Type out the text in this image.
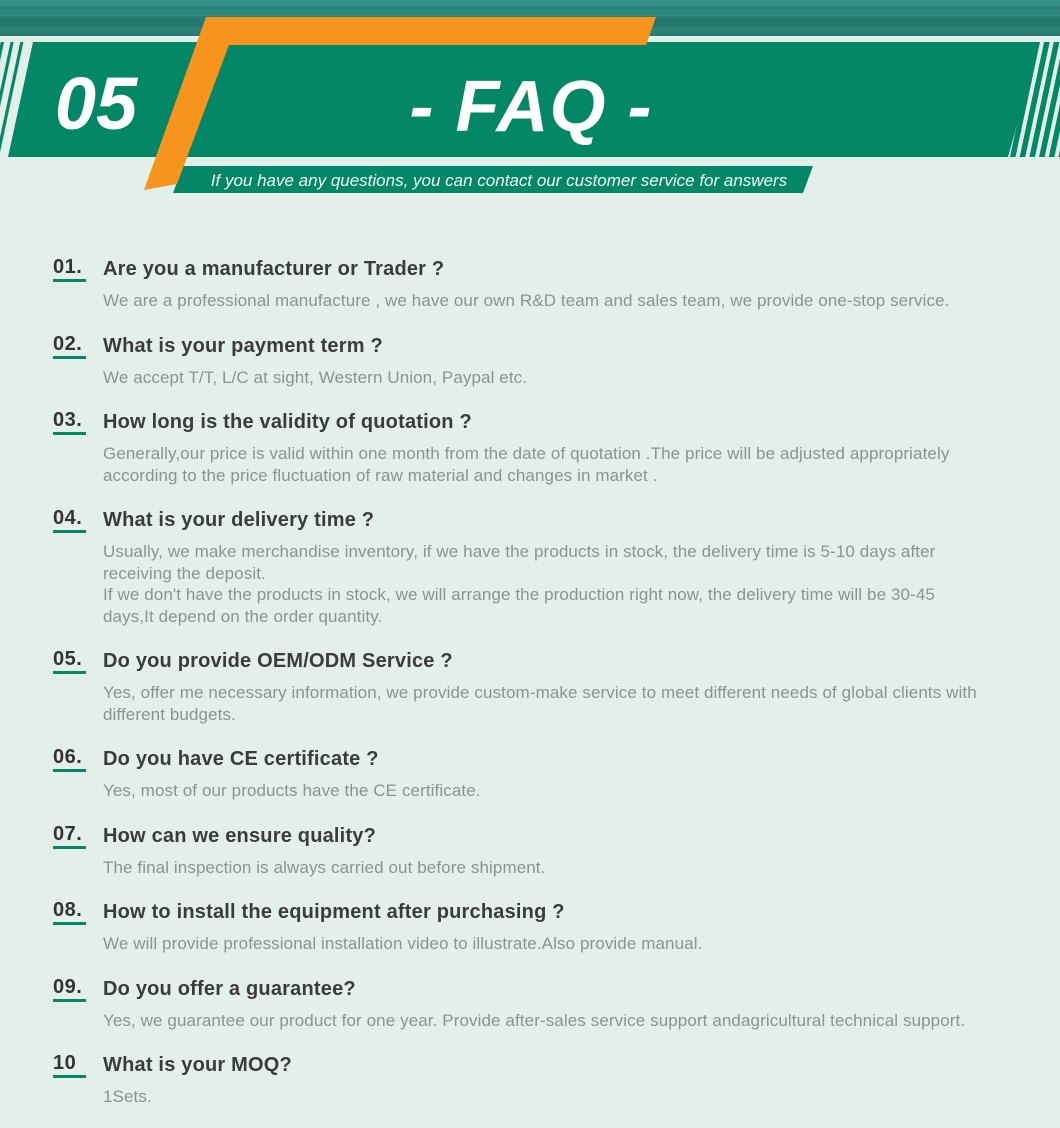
05	- FAQ -
If you have any questions, you can contact our customer service for answers
01. Are you a manufacturer or Trader ?
We are a professional manufacture , we have our own R&D team and sales team, we provide one-stop service.
02. What is your payment term ?
We accept T/T, L/C at sight, Western Union, Paypal etc.
03. How long is the validity of quotation ?
Generally,our price is valid within one month from the date of quotation .The price will be adjusted appropriately
according to the price fluctuation of raw material and changes in market .
04. What is your delivery time ?
Usually, we make merchandise inventory, if we have the products in stock, the delivery time is 5-10 days after
receiving the deposit.
If we don't have the products in stock, we will arrange the production right now, the delivery time will be 30-45
days,It depend on the order quantity.
05. Do you provide OEM/ODM Service ?
Yes, offer me necessary information, we provide custom-make service to meet different needs of global clients with
different budgets.
06. Do you have CE certificate ?
Yes, most of our products have the CE certificate.
07. How can we ensure quality?
The final inspection is always carried out before shipment.
08. How to install the equipment after purchasing ?
We will provide professional installation video to illustrate.Also provide manual.
09. Do you offer a guarantee?
Yes, we guarantee our product for one year. Provide after-sales service support andagricultural technical support.
10	What is your MOQ?
1Sets.
